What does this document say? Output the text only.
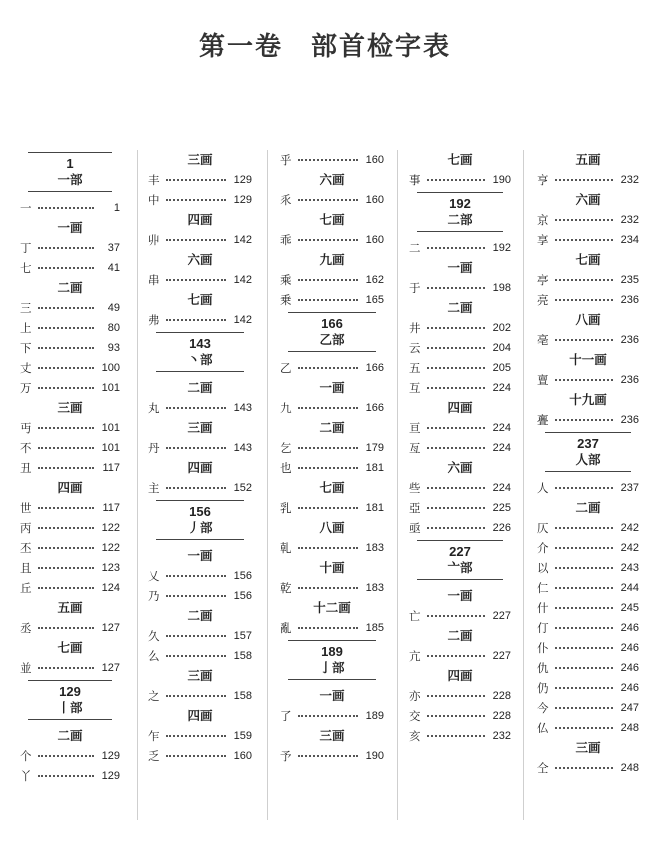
第一卷 部首检字表
1
一部
一	1
一画
丁	37
七	41
二画
三	49
上	80
下	93
丈	100
万	101
三画
丏	101
不	101
丑	117
四画
世	117
丙	122
丕	122
且	123
丘	124
五画
丞	127
七画
並	127
129
丨部
二画
个	129
丫	129
三画
丰	129
中	129
四画
丱	142
六画
串	142
七画
弗	142
143
丶部
二画
丸	143
三画
丹	143
四画
主	152
156
丿部
一画
乂	156
乃	156
二画
久	157
么	158
三画
之	158
四画
乍	159
乏	160
乎	160
六画
乑	160
七画
乖	160
九画
乘	162
乗	165
166
乙部
乙	166
一画
九	166
二画
乞	179
也	181
七画
乳	181
八画
乹	183
十画
乾	183
十二画
亂	185
189
亅部
一画
了	189
三画
予	190
七画
事	190
192
二部
二	192
一画
于	198
二画
井	202
云	204
五	205
互	224
四画
亘	224
亙	224
六画
些	224
亞	225
亟	226
227
亠部
一画
亡	227
二画
亢	227
四画
亦	228
交	228
亥	232
五画
亨	232
六画
京	232
享	234
七画
亭	235
亮	236
八画
亳	236
十一画
亶	236
十九画
亹	236
237
人部
人	237
二画
仄	242
介	242
以	243
仁	244
什	245
仃	246
仆	246
仇	246
仍	246
今	247
仏	248
三画
仝	248
